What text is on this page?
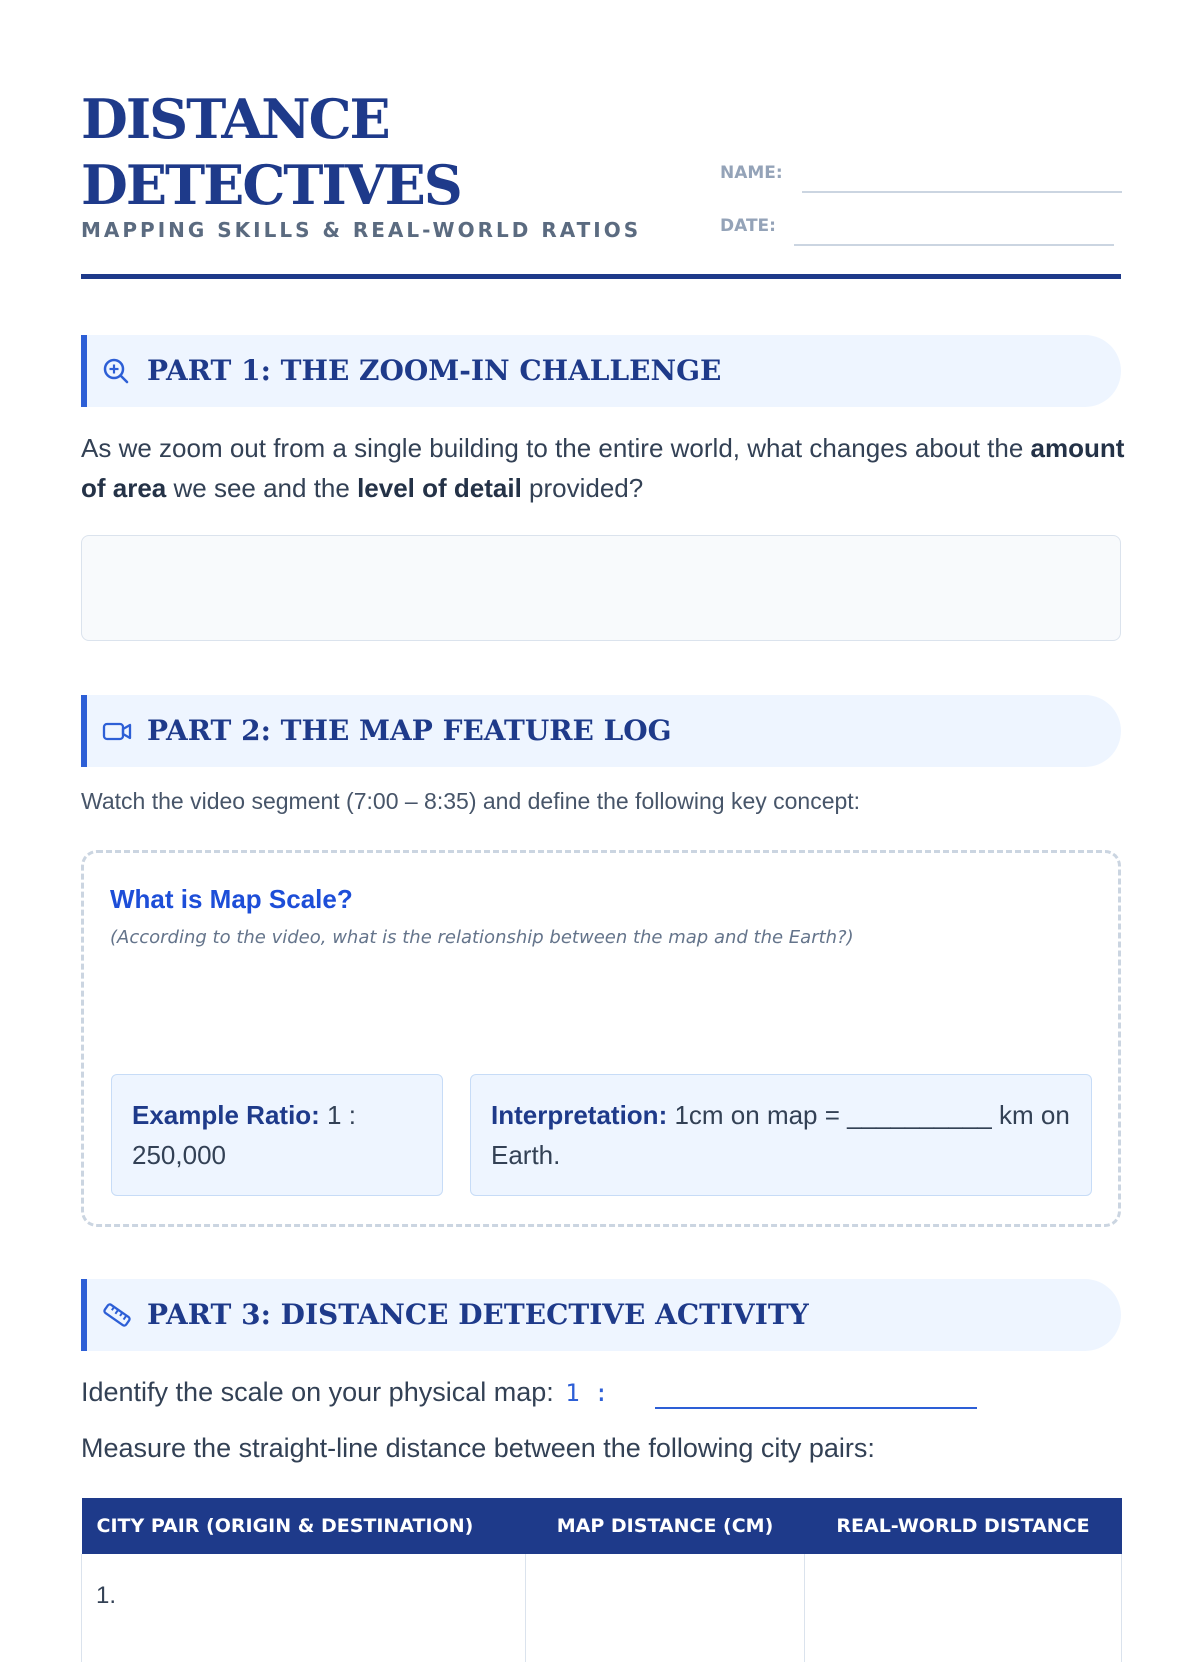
DISTANCE
DETECTIVES
MAPPING SKILLS & REAL-WORLD RATIOS
NAME:
DATE:
PART 1: THE ZOOM-IN CHALLENGE
As we zoom out from a single building to the entire world, what changes about the amount of area we see and the level of detail provided?
PART 2: THE MAP FEATURE LOG
Watch the video segment (7:00 – 8:35) and define the following key concept:
What is Map Scale?
(According to the video, what is the relationship between the map and the Earth?)
Example Ratio: 1 : 250,000
Interpretation: 1cm on map = __________ km on Earth.
PART 3: DISTANCE DETECTIVE ACTIVITY
Identify the scale on your physical map: 1 :
Measure the straight-line distance between the following city pairs:
CITY PAIR (ORIGIN & DESTINATION)	MAP DISTANCE (CM)	REAL-WORLD DISTANCE
1.		
